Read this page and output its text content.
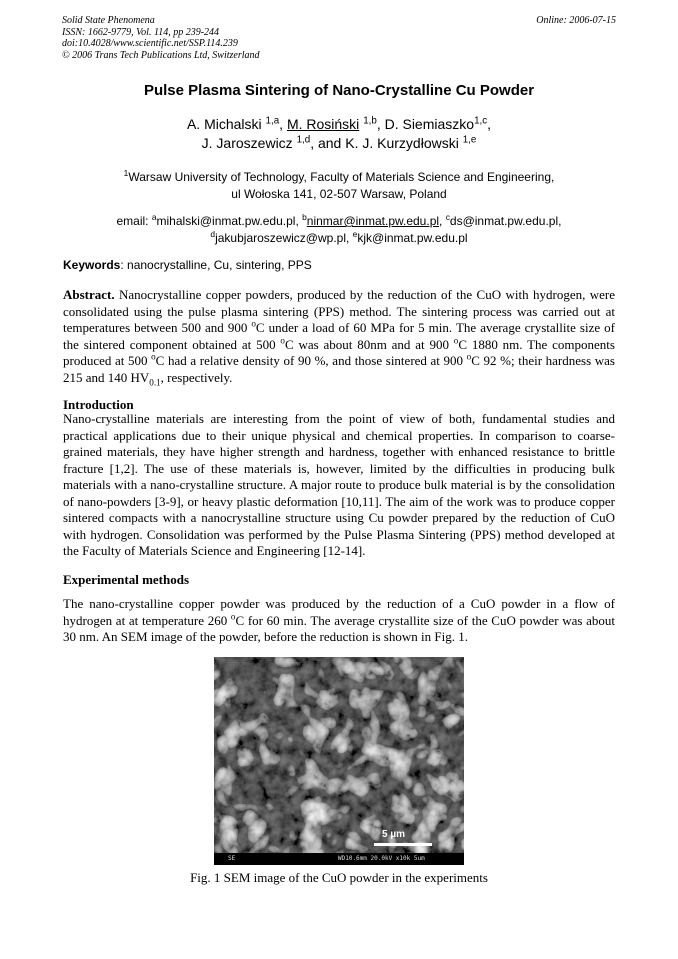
Solid State Phenomena
ISSN: 1662-9779, Vol. 114, pp 239-244
doi:10.4028/www.scientific.net/SSP.114.239
© 2006 Trans Tech Publications Ltd, Switzerland
Online: 2006-07-15
Pulse Plasma Sintering of Nano-Crystalline Cu Powder
A. Michalski $^{1,a}$, M. Rosiński $^{1,b}$, D. Siemiaszko$^{1,c}$,
J. Jaroszewicz $^{1,d}$, and K. J. Kurzydłowski $^{1,e}$
$^1$Warsaw University of Technology, Faculty of Materials Science and Engineering,
ul Wołoska 141, 02-507 Warsaw, Poland
email: $^a$mihalski@inmat.pw.edu.pl, $^b$ninmar@inmat.pw.edu.pl, $^c$ds@inmat.pw.edu.pl,
$^d$jakubjaroszewicz@wp.pl, $^e$kjk@inmat.pw.edu.pl
Keywords: nanocrystalline, Cu, sintering, PPS
Abstract. Nanocrystalline copper powders, produced by the reduction of the CuO with hydrogen, were consolidated using the pulse plasma sintering (PPS) method. The sintering process was carried out at temperatures between 500 and 900 $^o$C under a load of 60 MPa for 5 min. The average crystallite size of the sintered component obtained at 500 $^o$C was about 80nm and at 900 $^o$C 1880 nm. The components produced at 500 $^o$C had a relative density of 90 %, and those sintered at 900 $^o$C 92 %; their hardness was 215 and 140 $HV_{0.1}$, respectively.
Introduction
Nano-crystalline materials are interesting from the point of view of both, fundamental studies and practical applications due to their unique physical and chemical properties. In comparison to coarse-grained materials, they have higher strength and hardness, together with enhanced resistance to brittle fracture [1,2]. The use of these materials is, however, limited by the difficulties in producing bulk materials with a nano-crystalline structure. A major route to produce bulk material is by the consolidation of nano-powders [3-9], or heavy plastic deformation [10,11]. The aim of the work was to produce copper sintered compacts with a nanocrystalline structure using Cu powder prepared by the reduction of CuO with hydrogen. Consolidation was performed by the Pulse Plasma Sintering (PPS) method developed at the Faculty of Materials Science and Engineering [12-14].
Experimental methods
The nano-crystalline copper powder was produced by the reduction of a CuO powder in a flow of hydrogen at at temperature 260 $^o$C for 60 min. The average crystallite size of the CuO powder was about 30 nm. An SEM image of the powder, before the reduction is shown in Fig. 1.
5 µm
SE	WD10.6mm 20.0kV x10k 5um
Fig. 1 SEM image of the CuO powder in the experiments
